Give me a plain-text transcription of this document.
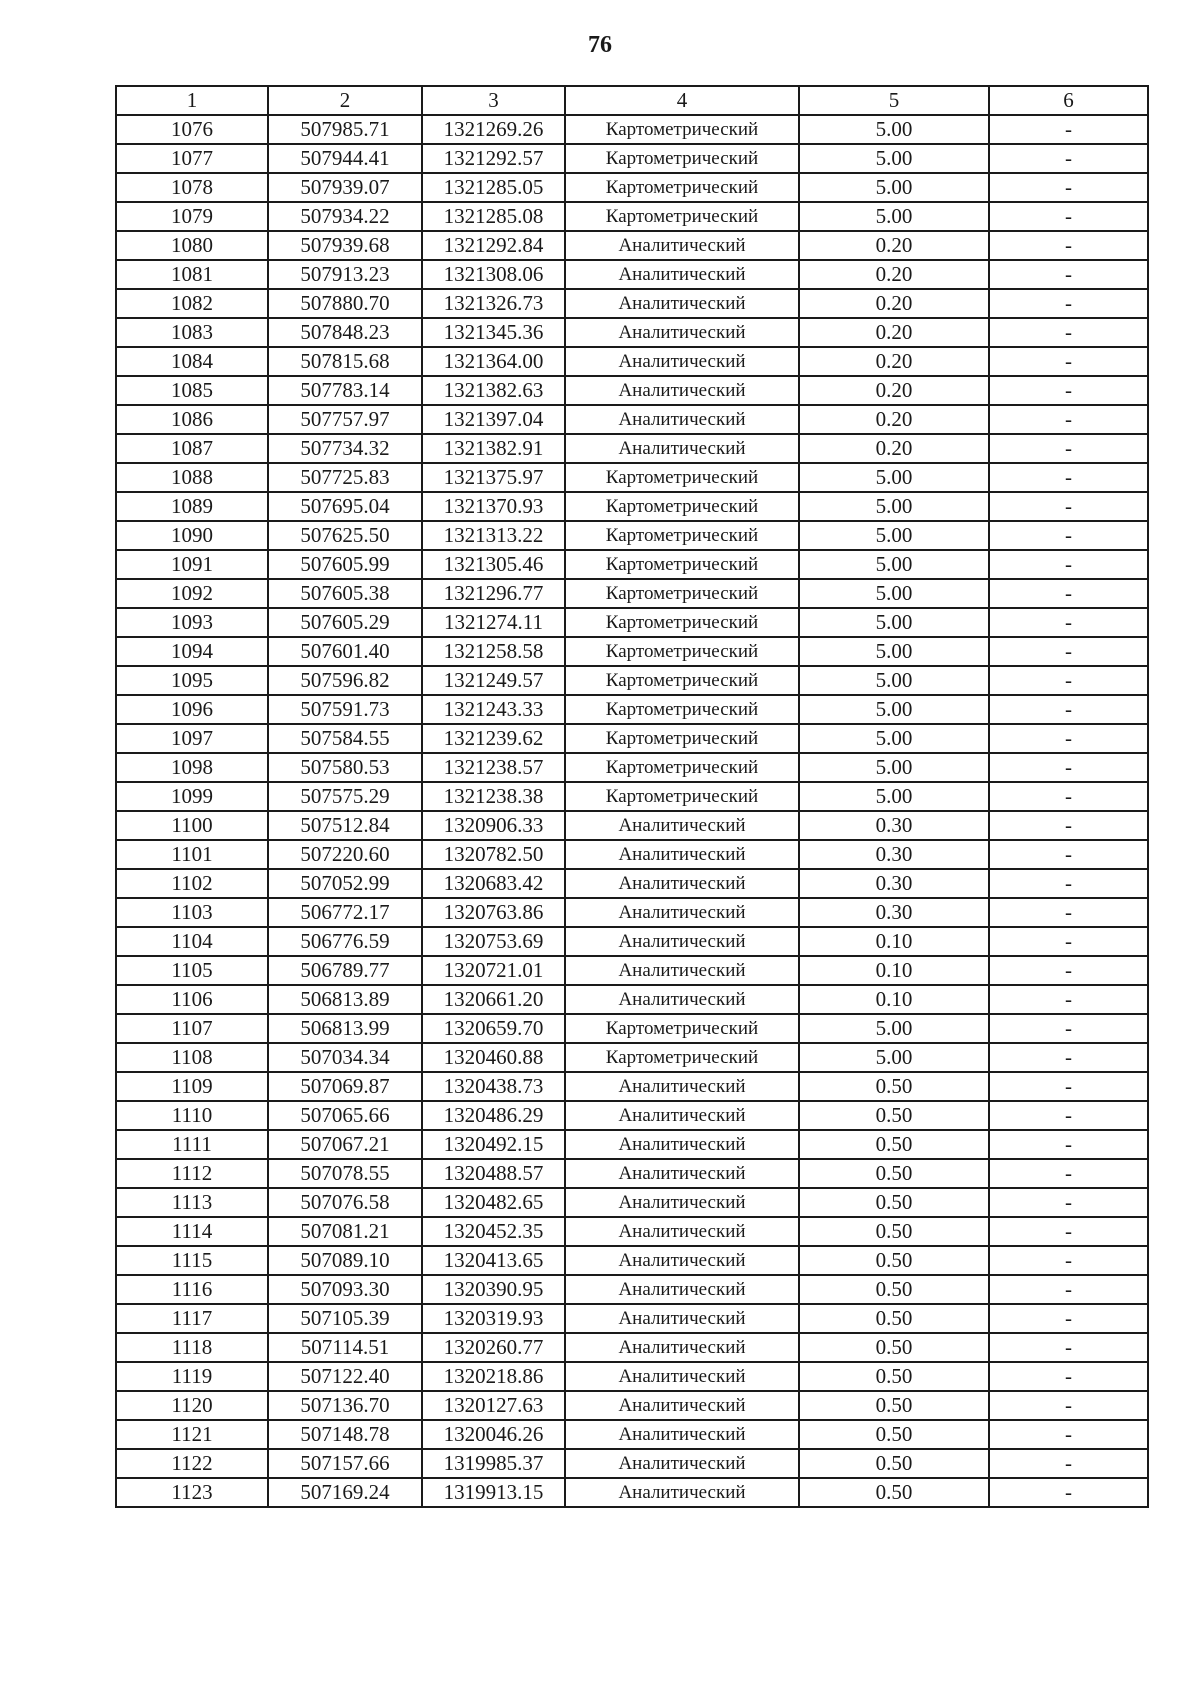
76
1	2	3	4	5	6
1076	507985.71	1321269.26	Картометрический	5.00	-
1077	507944.41	1321292.57	Картометрический	5.00	-
1078	507939.07	1321285.05	Картометрический	5.00	-
1079	507934.22	1321285.08	Картометрический	5.00	-
1080	507939.68	1321292.84	Аналитический	0.20	-
1081	507913.23	1321308.06	Аналитический	0.20	-
1082	507880.70	1321326.73	Аналитический	0.20	-
1083	507848.23	1321345.36	Аналитический	0.20	-
1084	507815.68	1321364.00	Аналитический	0.20	-
1085	507783.14	1321382.63	Аналитический	0.20	-
1086	507757.97	1321397.04	Аналитический	0.20	-
1087	507734.32	1321382.91	Аналитический	0.20	-
1088	507725.83	1321375.97	Картометрический	5.00	-
1089	507695.04	1321370.93	Картометрический	5.00	-
1090	507625.50	1321313.22	Картометрический	5.00	-
1091	507605.99	1321305.46	Картометрический	5.00	-
1092	507605.38	1321296.77	Картометрический	5.00	-
1093	507605.29	1321274.11	Картометрический	5.00	-
1094	507601.40	1321258.58	Картометрический	5.00	-
1095	507596.82	1321249.57	Картометрический	5.00	-
1096	507591.73	1321243.33	Картометрический	5.00	-
1097	507584.55	1321239.62	Картометрический	5.00	-
1098	507580.53	1321238.57	Картометрический	5.00	-
1099	507575.29	1321238.38	Картометрический	5.00	-
1100	507512.84	1320906.33	Аналитический	0.30	-
1101	507220.60	1320782.50	Аналитический	0.30	-
1102	507052.99	1320683.42	Аналитический	0.30	-
1103	506772.17	1320763.86	Аналитический	0.30	-
1104	506776.59	1320753.69	Аналитический	0.10	-
1105	506789.77	1320721.01	Аналитический	0.10	-
1106	506813.89	1320661.20	Аналитический	0.10	-
1107	506813.99	1320659.70	Картометрический	5.00	-
1108	507034.34	1320460.88	Картометрический	5.00	-
1109	507069.87	1320438.73	Аналитический	0.50	-
1110	507065.66	1320486.29	Аналитический	0.50	-
1111	507067.21	1320492.15	Аналитический	0.50	-
1112	507078.55	1320488.57	Аналитический	0.50	-
1113	507076.58	1320482.65	Аналитический	0.50	-
1114	507081.21	1320452.35	Аналитический	0.50	-
1115	507089.10	1320413.65	Аналитический	0.50	-
1116	507093.30	1320390.95	Аналитический	0.50	-
1117	507105.39	1320319.93	Аналитический	0.50	-
1118	507114.51	1320260.77	Аналитический	0.50	-
1119	507122.40	1320218.86	Аналитический	0.50	-
1120	507136.70	1320127.63	Аналитический	0.50	-
1121	507148.78	1320046.26	Аналитический	0.50	-
1122	507157.66	1319985.37	Аналитический	0.50	-
1123	507169.24	1319913.15	Аналитический	0.50	-
